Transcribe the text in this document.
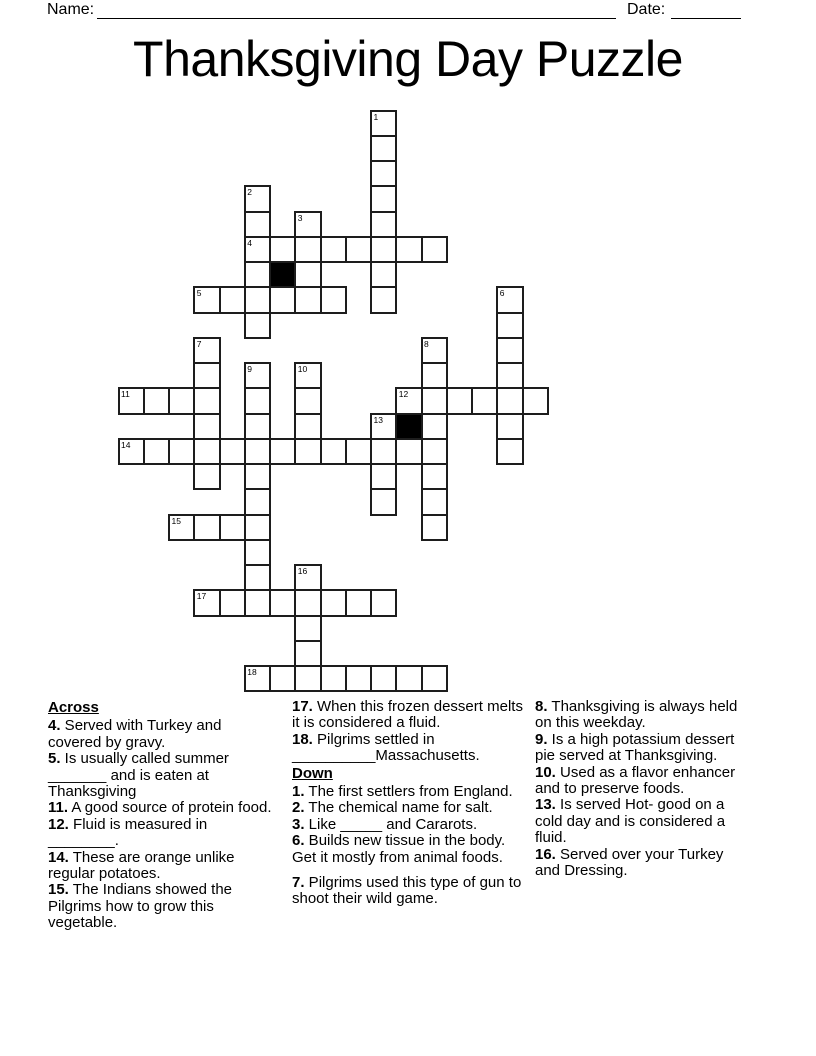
Name:	Date:
Thanksgiving Day Puzzle
1
2
3
4
5	6
7	8
9	10
11	12
13
14
15
16
17
18
Across
4. Served with Turkey and covered by gravy.
5. Is usually called summer _______ and is eaten at Thanksgiving
11. A good source of protein food.
12. Fluid is measured in ________.
14. These are orange unlike regular potatoes.
15. The Indians showed the Pilgrims how to grow this vegetable.
17. When this frozen dessert melts it is considered a fluid.
18. Pilgrims settled in __________Massachusetts.
Down
1. The first settlers from England.
2. The chemical name for salt.
3. Like _____ and Cararots.
6. Builds new tissue in the body. Get it mostly from animal foods.
7. Pilgrims used this type of gun to shoot their wild game.
8. Thanksgiving is always held on this weekday.
9. Is a high potassium dessert pie served at Thanksgiving.
10. Used as a flavor enhancer and to preserve foods.
13. Is served Hot- good on a cold day and is considered a fluid.
16. Served over your Turkey and Dressing.
